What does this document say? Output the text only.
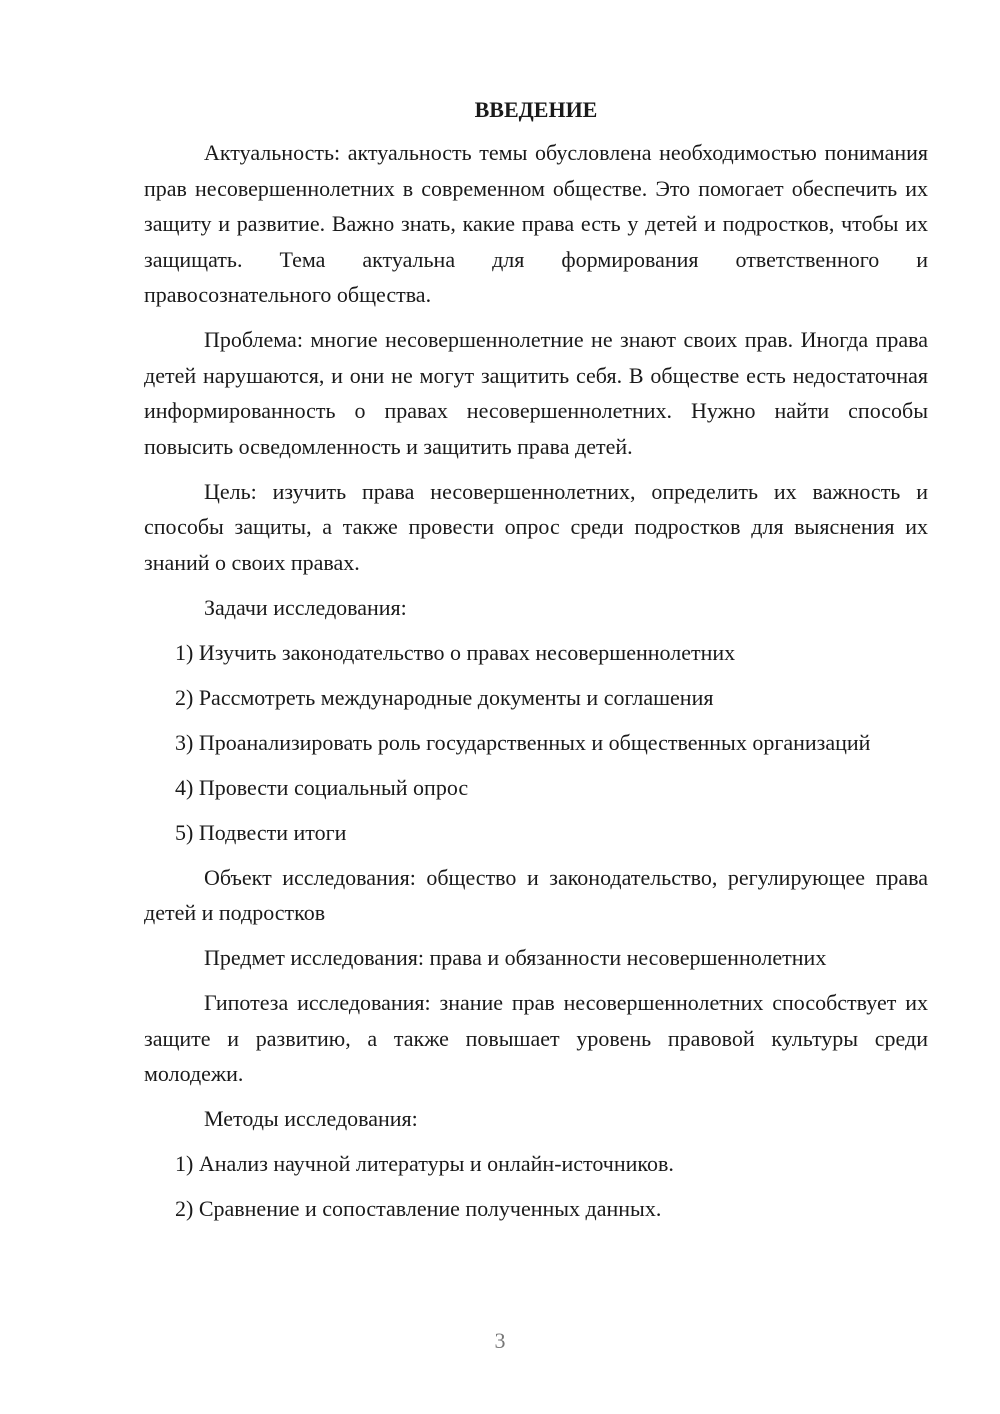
ВВЕДЕНИЕ

Актуальность: актуальность темы обусловлена необходимостью понимания прав несовершеннолетних в современном обществе. Это помогает обеспечить их защиту и развитие. Важно знать, какие права есть у детей и подростков, чтобы их защищать. Тема актуальна для формирования ответственного и правосознательного общества.

Проблема: многие несовершеннолетние не знают своих прав. Иногда права детей нарушаются, и они не могут защитить себя. В обществе есть недостаточная информированность о правах несовершеннолетних. Нужно найти способы повысить осведомленность и защитить права детей.

Цель: изучить права несовершеннолетних, определить их важность и способы защиты, а также провести опрос среди подростков для выяснения их знаний о своих правах.

Задачи исследования:

1) Изучить законодательство о правах несовершеннолетних

2) Рассмотреть международные документы и соглашения

3) Проанализировать роль государственных и общественных организаций

4) Провести социальный опрос

5) Подвести итоги

Объект исследования: общество и законодательство, регулирующее права детей и подростков

Предмет исследования: права и обязанности несовершеннолетних

Гипотеза исследования: знание прав несовершеннолетних способствует их защите и развитию, а также повышает уровень правовой культуры среди молодежи.

Методы исследования:

1) Анализ научной литературы и онлайн-источников.

2) Сравнение и сопоставление полученных данных.

3
